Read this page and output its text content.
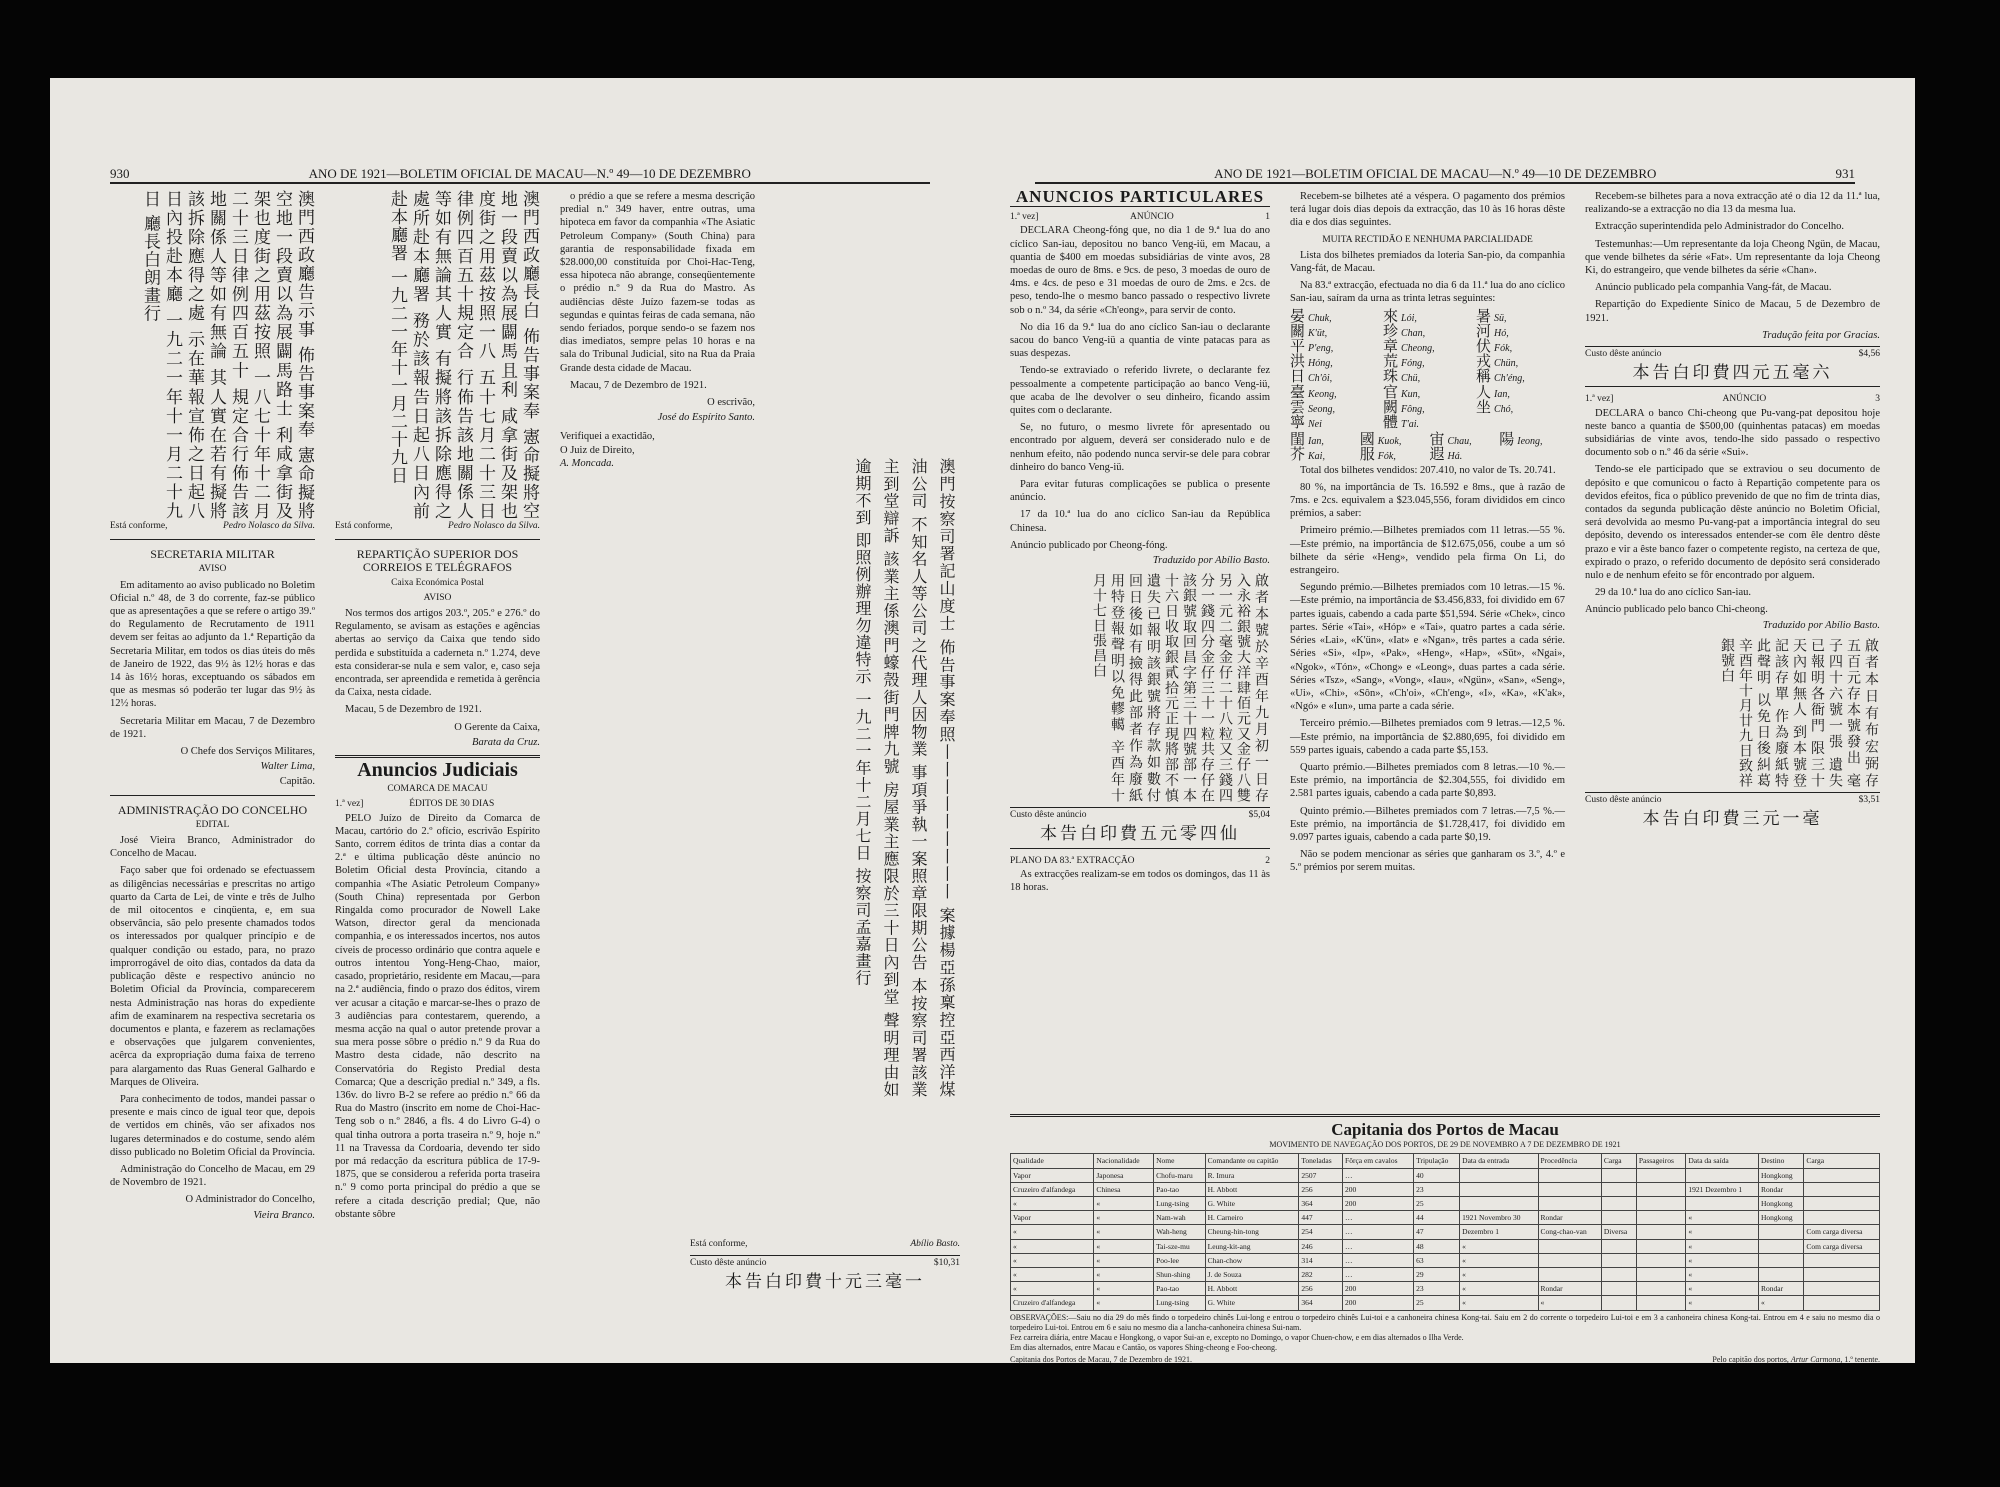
930	ANO DE 1921—BOLETIM OFICIAL DE MACAU—N.º 49—10 DE DEZEMBRO
澳門西政廳告示事 佈告事案奉 憲命擬將空地一段賣以為展闢馬路士 利咸拿街及架也度街之用茲按照 一八七十年十二月二十三日律例四百五十 規定合行佈告該地關係人等如有無論 其人實在若有擬將該拆除應得之處 示在華報宣佈之日起八日內投赴本廳 一九二一年十一月二十九日 廳長白朗畫行
Está conforme,	Pedro Nolasco da Silva.
SECRETARIA MILITAR
AVISO

Em aditamento ao aviso publicado no Boletim Oficial n.º 48, de 3 do corrente, faz-se público que as apresentações a que se refere o artigo 39.º do Regulamento de Recrutamento de 1911 devem ser feitas ao adjunto da 1.ª Repartição da Secretaria Militar, em todos os dias úteis do mês de Janeiro de 1922, das 9½ às 12½ horas e das 14 às 16½ horas, exceptuando os sábados em que as mesmas só poderão ter lugar das 9½ às 12½ horas.

Secretaria Militar em Macau, 7 de Dezembro de 1921.

O Chefe dos Serviços Militares,
Walter Lima,
Capitão.
ADMINISTRAÇÃO DO CONCELHO
EDITAL

José Vieira Branco, Administrador do Concelho de Macau.

Faço saber que foi ordenado se efectuassem as diligências necessárias e prescritas no artigo quarto da Carta de Lei, de vinte e três de Julho de mil oitocentos e cinqüenta, e, em sua observância, são pelo presente chamados todos os interessados por qualquer princípio e de qualquer condição ou estado, para, no prazo improrrogável de oito dias, contados da data da publicação dêste e respectivo anúncio no Boletim Oficial da Província, comparecerem nesta Administração nas horas do expediente afim de examinarem na respectiva secretaria os documentos e planta, e fazerem as reclamações e observações que julgarem convenientes, acêrca da expropriação duma faixa de terreno para alargamento das Ruas General Galhardo e Marques de Oliveira.

Para conhecimento de todos, mandei passar o presente e mais cinco de igual teor que, depois de vertidos em chinês, vão ser afixados nos lugares determinados e do costume, sendo além disso publicado no Boletim Oficial da Província.

Administração do Concelho de Macau, em 29 de Novembro de 1921.

O Administrador do Concelho,
Vieira Branco.
澳門西政廳長白 佈告事案奉 憲命擬將空地一段賣以為展闢馬且利 咸拿街及架也度街之用茲按照一八 五十七月二十三日律例四百五十規定合 行佈告該地關係人等如有無論其人實 有擬將該拆除應得之處所赴本廳署 務於該報告日起八日內前赴本廳署 一九二一年十一月二十九日
Está conforme,	Pedro Nolasco da Silva.
REPARTIÇÃO SUPERIOR DOS CORREIOS E TELÉGRAFOS
Caixa Económica Postal
AVISO

Nos termos dos artigos 203.º, 205.º e 276.º do Regulamento, se avisam as estações e agências abertas ao serviço da Caixa que tendo sido perdida e substituída a caderneta n.º 1.274, deve esta considerar-se nula e sem valor, e, caso seja encontrada, ser apreendida e remetida à gerência da Caixa, nesta cidade.

Macau, 5 de Dezembro de 1921.

O Gerente da Caixa,
Barata da Cruz.
Anuncios Judiciais
COMARCA DE MACAU
1.ª vez]	ÉDITOS DE 30 DIAS

PELO Juízo de Direito da Comarca de Macau, cartório do 2.º ofício, escrivão Espírito Santo, correm éditos de trinta dias a contar da 2.ª e última publicação dêste anúncio no Boletim Oficial desta Província, citando a companhia «The Asiatic Petroleum Company» (South China) representada por Gerbon Ringalda como procurador de Nowell Lake Watson, director geral da mencionada companhia, e os interessados incertos, nos autos cíveis de processo ordinário que contra aquele e outros intentou Yong-Heng-Chao, maior, casado, proprietário, residente em Macau,—para na 2.ª audiência, findo o prazo dos éditos, virem ver acusar a citação e marcar-se-lhes o prazo de 3 audiências para contestarem, querendo, a mesma acção na qual o autor pretende provar a sua mera posse sôbre o prédio n.º 9 da Rua do Mastro desta cidade, não descrito na Conservatória do Registo Predial desta Comarca; Que a descrição predial n.º 349, a fls. 136v. do livro B-2 se refere ao prédio n.º 66 da Rua do Mastro (inscrito em nome de Choi-Hac-Teng sob o n.º 2846, a fls. 4 do Livro G-4) o qual tinha outrora a porta traseira n.º 9, hoje n.º 11 na Travessa da Cordoaria, devendo ter sido por má redacção da escritura pública de 17-9-1875, que se considerou a referida porta traseira n.º 9 como porta principal do prédio a que se refere a citada descrição predial; Que, não obstante sôbre

o prédio a que se refere a mesma descrição predial n.º 349 haver, entre outras, uma hipoteca em favor da companhia «The Asiatic Petroleum Company» (South China) para garantia de responsabilidade fixada em $28.000,00 constituída por Choi-Hac-Teng, essa hipoteca não abrange, conseqüentemente o prédio n.º 9 da Rua do Mastro. As audiências dêste Juízo fazem-se todas as segundas e quintas feiras de cada semana, não sendo feriados, porque sendo-o se fazem nos dias imediatos, sempre pelas 10 horas e na sala do Tribunal Judicial, sito na Rua da Praia Grande desta cidade de Macau.

Macau, 7 de Dezembro de 1921.

O escrivão,
José do Espírito Santo.
Verifiquei a exactidão,
O Juiz de Direito,
A. Moncada.	澳門按察司署記山度士 佈告事案奉照丨丨丨丨丨丨丨丨丨 案據楊亞孫稟控亞西洋煤油公司 不知名人等公司之代理人因物業 事項爭執一案照章限期公告 本按察司署該業主到堂辯訴 該業主係澳門蠔殼街門牌九號 房屋業主應限於三十日內到堂 聲明理由如逾期不到 即照例辦理勿違特示 一九二一年十二月七日 按察司孟嘉畫行
Está conforme,	Abílio Basto.
Custo dêste anúncio	$10,31
本告白印費十元三毫一
ANO DE 1921—BOLETIM OFICIAL DE MACAU—N.º 49—10 DE DEZEMBRO	931
ANUNCIOS PARTICULARES
1.ª vez]	ANÚNCIO	1

DECLARA Cheong-fóng que, no dia 1 de 9.ª lua do ano cíclico San-iau, depositou no banco Veng-iü, em Macau, a quantia de $400 em moedas subsidiárias de vinte avos, 28 moedas de ouro de 8ms. e 9cs. de peso, 3 moedas de ouro de 4ms. e 4cs. de peso e 31 moedas de ouro de 2ms. e 2cs. de peso, tendo-lhe o mesmo banco passado o respectivo livrete sob o n.º 34, da série «Ch'eong», para servir de conto.

No dia 16 da 9.ª lua do ano cíclico San-iau o declarante sacou do banco Veng-iü a quantia de vinte patacas para as suas despezas.

Tendo-se extraviado o referido livrete, o declarante fez pessoalmente a competente participação ao banco Veng-iü, que acaba de lhe devolver o seu dinheiro, ficando assim quites com o declarante.

Se, no futuro, o mesmo livrete fôr apresentado ou encontrado por alguem, deverá ser considerado nulo e de nenhum efeito, não podendo nunca servir-se dele para cobrar dinheiro do banco Veng-iü.

Para evitar futuras complicações se publica o presente anúncio.

17 da 10.ª lua do ano cíclico San-iau da República Chinesa.

Anúncio publicado por Cheong-fóng.
Traduzido por Abílio Basto.
啟者本號於辛酉年九月初一日存 入永裕銀號大洋肆佰元又金仔八雙 另一元二毫金仔二十八粒又三錢四 分一錢四分金仔三十一粒共存仔在 該銀號取回昌字第三十四號部一本 十六日收取銀貳拾元正現將部不慎 遺失已報明該銀號將存款如數付 回日後如有撿得此部者作為廢紙 用特登報聲明以免轇轕 辛酉年十月十七日張昌白
Custo dêste anúncio	$5,04
本告白印費五元零四仙
PLANO DA 83.ª EXTRACÇÃO	2

As extracções realizam-se em todos os domingos, das 11 às 18 horas.

Recebem-se bilhetes até a véspera. O pagamento dos prémios terá lugar dois dias depois da extracção, das 10 às 16 horas dêste dia e dos dias seguintes.

MUITA RECTIDÃO E NENHUMA PARCIALIDADE

Lista dos bilhetes premiados da loteria San-pio, da companhia Vang-fát, de Macau.

Na 83.ª extracção, efectuada no dia 6 da 11.ª lua do ano cíclico San-iau, saíram da urna as trinta letras seguintes:

晏 Chuk,	來 Lói,	暑 Sü,
關 K'üt,	珍 Chan,	河 Hó,
平 P'eng,	章 Cheong,	伏 Fók,
洪 Hóng,	荒 Fóng,	戎 Chün,
日 Ch'ôi,	珠 Chü,	稱 Ch'éng,
臺 Keong,	官 Kun,	人 Ian,
雲 Seong,	闕 Fông,	坐 Chó,
寧 Nei	體 T'ai.
閨 Ian,	國 Kuok,	宙 Chau,	陽 Ieong,
芥 Kai,	服 Fók,	遐 Há.

Total dos bilhetes vendidos: 207.410, no valor de Ts. 20.741.

80 %, na importância de Ts. 16.592 e 8ms., que à razão de 7ms. e 2cs. equivalem a $23.045,556, foram divididos em cinco prémios, a saber:

Primeiro prémio.—Bilhetes premiados com 11 letras.—55 %.—Este prémio, na importância de $12.675,056, coube a um só bilhete da série «Heng», vendido pela firma On Li, do estrangeiro.

Segundo prémio.—Bilhetes premiados com 10 letras.—15 %.—Este prémio, na importância de $3.456,833, foi dividido em 67 partes iguais, cabendo a cada parte $51,594. Série «Chek», cinco partes. Série «Tai», «Hóp» e «Tai», quatro partes a cada série. Séries «Lai», «K'ün», «Iat» e «Ngan», três partes a cada série. Séries «Si», «Ip», «Pak», «Heng», «Hap», «Süt», «Ngai», «Ngok», «Tón», «Chong» e «Leong», duas partes a cada série. Séries «Tsz», «Sang», «Vong», «Iau», «Ngün», «San», «Seng», «Ui», «Chi», «Sôn», «Ch'oi», «Ch'eng», «I», «Ka», «K'ak», «Ngó» e «Iun», uma parte a cada série.

Terceiro prémio.—Bilhetes premiados com 9 letras.—12,5 %.—Este prémio, na importância de $2.880,695, foi dividido em 559 partes iguais, cabendo a cada parte $5,153.

Quarto prémio.—Bilhetes premiados com 8 letras.—10 %.—Este prémio, na importância de $2.304,555, foi dividido em 2.581 partes iguais, cabendo a cada parte $0,893.

Quinto prémio.—Bilhetes premiados com 7 letras.—7,5 %.—Este prémio, na importância de $1.728,417, foi dividido em 9.097 partes iguais, cabendo a cada parte $0,19.

Não se podem mencionar as séries que ganharam os 3.º, 4.º e 5.º prémios por serem muitas.

Recebem-se bilhetes para a nova extracção até o dia 12 da 11.ª lua, realizando-se a extracção no dia 13 da mesma lua.

Extracção superintendida pelo Administrador do Concelho.

Testemunhas:—Um representante da loja Cheong Ngün, de Macau, que vende bilhetes da série «Fat». Um representante da loja Cheong Ki, do estrangeiro, que vende bilhetes da série «Chan».

Anúncio publicado pela companhia Vang-fát, de Macau.

Repartição do Expediente Sínico de Macau, 5 de Dezembro de 1921.

Tradução feita por Gracias.
Custo dêste anúncio	$4,56
本告白印費四元五毫六
1.ª vez]	ANÚNCIO	3

DECLARA o banco Chi-cheong que Pu-vang-pat depositou hoje neste banco a quantia de $500,00 (quinhentas patacas) em moedas subsidiárias de vinte avos, tendo-lhe sido passado o respectivo documento sob o n.º 46 da série «Sui».

Tendo-se ele participado que se extraviou o seu documento de depósito e que comunicou o facto à Repartição competente para os devidos efeitos, fica o público prevenido de que no fim de trinta dias, contados da segunda publicação dêste anúncio no Boletim Oficial, será devolvida ao mesmo Pu-vang-pat a importância integral do seu depósito, devendo os interessados entender-se com êle dentro dêste prazo e vir a êste banco fazer o competente registo, na certeza de que, expirado o prazo, o referido documento de depósito será considerado nulo e de nenhum efeito se fôr encontrado por alguem.

29 da 10.ª lua do ano cíclico San-iau.

Anúncio publicado pelo banco Chi-cheong.
Traduzido por Abílio Basto.
啟者本日有布宏弼存 五百元存本號發出 毫子四十六號一張 遺失已報明各衙門 限三十天內如無人 到本號登記該存單 作為廢紙特此聲明 以免日後糾葛 辛酉年十月廿九日致祥銀號白
Custo dêste anúncio	$3,51
本告白印費三元一毫
Capitania dos Portos de Macau
MOVIMENTO DE NAVEGAÇÃO DOS PORTOS, DE 29 DE NOVEMBRO A 7 DE DEZEMBRO DE 1921
Qualidade	Nacionalidade	Nome	Comandante ou capitão	Toneladas	Fôrça em cavalos	Tripulação	Data da entrada	Procedência	Carga	Passageiros	Data da saída	Destino	Carga
Vapor	Japonesa	Chofu-maru	R. Imura	2507	…	40						Hongkong	
Cruzeiro d'alfandega	Chinesa	Pao-tao	H. Abbott	256	200	23					1921 Dezembro 1	Rondar	
«	«	Lung-tsing	G. White	364	200	25						Hongkong	
Vapor	«	Nam-wah	H. Carneiro	447	…	44	1921 Novembro 30	Rondar			«	Hongkong	
«	«	Wah-heng	Cheung-hin-tong	254	…	47	Dezembro 1	Cong-chao-van	Diversa		«		Com carga diversa
«	«	Tai-sze-mu	Leung-kit-ang	246	…	48	«				«		Com carga diversa
«	«	Poo-lee	Chan-chow	314	…	63	«				«		
«	«	Shun-shing	J. de Souza	282	…	29	«				«		
«	«	Pao-tao	H. Abbott	256	200	23	«	Rondar			«	Rondar	
Cruzeiro d'alfandega	«	Lung-tsing	G. White	364	200	25	«	«			«	«	
OBSERVAÇÕES:—Saiu no dia 29 do mês findo o torpedeiro chinês Lui-long e entrou o torpedeiro chinês Lui-toi e a canhoneira chinesa Kong-tai. Saiu em 2 do corrente o torpedeiro Lui-toi e em 3 a canhoneira chinesa Kong-tai. Entrou em 4 e saiu no mesmo dia o torpedeiro Lui-toi. Entrou em 6 e saiu no mesmo dia a lancha-canhoneira chinesa Sui-nam.
Fez carreira diária, entre Macau e Hongkong, o vapor Sui-an e, excepto no Domingo, o vapor Chuen-chow, e em dias alternados o Ilha Verde.
Em dias alternados, entre Macau e Cantão, os vapores Shing-cheong e Foo-cheong.
Capitania dos Portos de Macau, 7 de Dezembro de 1921.	Pelo capitão dos portos, Artur Carmona, 1.º tenente.
